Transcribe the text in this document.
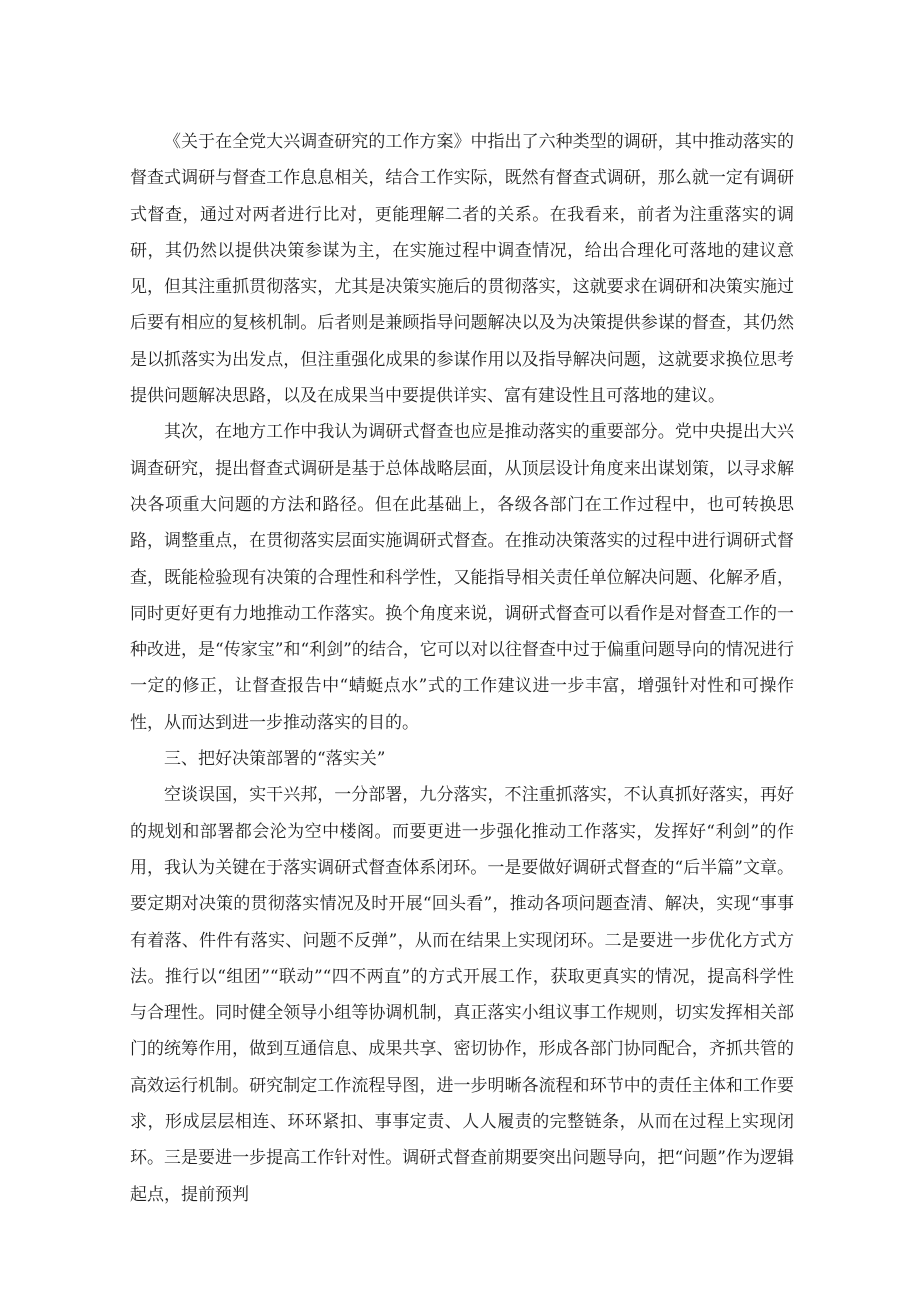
《关于在全党大兴调查研究的工作方案》中指出了六种类型的调研，其中推动落实的督查式调研与督查工作息息相关，结合工作实际，既然有督查式调研，那么就一定有调研式督查，通过对两者进行比对，更能理解二者的关系。在我看来，前者为注重落实的调研，其仍然以提供决策参谋为主，在实施过程中调查情况，给出合理化可落地的建议意见，但其注重抓贯彻落实，尤其是决策实施后的贯彻落实，这就要求在调研和决策实施过后要有相应的复核机制。后者则是兼顾指导问题解决以及为决策提供参谋的督查，其仍然是以抓落实为出发点，但注重强化成果的参谋作用以及指导解决问题，这就要求换位思考提供问题解决思路，以及在成果当中要提供详实、富有建设性且可落地的建议。

其次，在地方工作中我认为调研式督查也应是推动落实的重要部分。党中央提出大兴调查研究，提出督查式调研是基于总体战略层面，从顶层设计角度来出谋划策，以寻求解决各项重大问题的方法和路径。但在此基础上，各级各部门在工作过程中，也可转换思路，调整重点，在贯彻落实层面实施调研式督查。在推动决策落实的过程中进行调研式督查，既能检验现有决策的合理性和科学性，又能指导相关责任单位解决问题、化解矛盾，同时更好更有力地推动工作落实。换个角度来说，调研式督查可以看作是对督查工作的一种改进，是“传家宝”和“利剑”的结合，它可以对以往督查中过于偏重问题导向的情况进行一定的修正，让督查报告中“蜻蜓点水”式的工作建议进一步丰富，增强针对性和可操作性，从而达到进一步推动落实的目的。

三、把好决策部署的“落实关”

空谈误国，实干兴邦，一分部署，九分落实，不注重抓落实，不认真抓好落实，再好的规划和部署都会沦为空中楼阁。而要更进一步强化推动工作落实，发挥好“利剑”的作用，我认为关键在于落实调研式督查体系闭环。一是要做好调研式督查的“后半篇”文章。要定期对决策的贯彻落实情况及时开展“回头看”，推动各项问题查清、解决，实现“事事有着落、件件有落实、问题不反弹”，从而在结果上实现闭环。二是要进一步优化方式方法。推行以“组团”“联动”“四不两直”的方式开展工作，获取更真实的情况，提高科学性与合理性。同时健全领导小组等协调机制，真正落实小组议事工作规则，切实发挥相关部门的统筹作用，做到互通信息、成果共享、密切协作，形成各部门协同配合，齐抓共管的高效运行机制。研究制定工作流程导图，进一步明晰各流程和环节中的责任主体和工作要求，形成层层相连、环环紧扣、事事定责、人人履责的完整链条，从而在过程上实现闭环。三是要进一步提高工作针对性。调研式督查前期要突出问题导向，把“问题”作为逻辑起点，提前预判
